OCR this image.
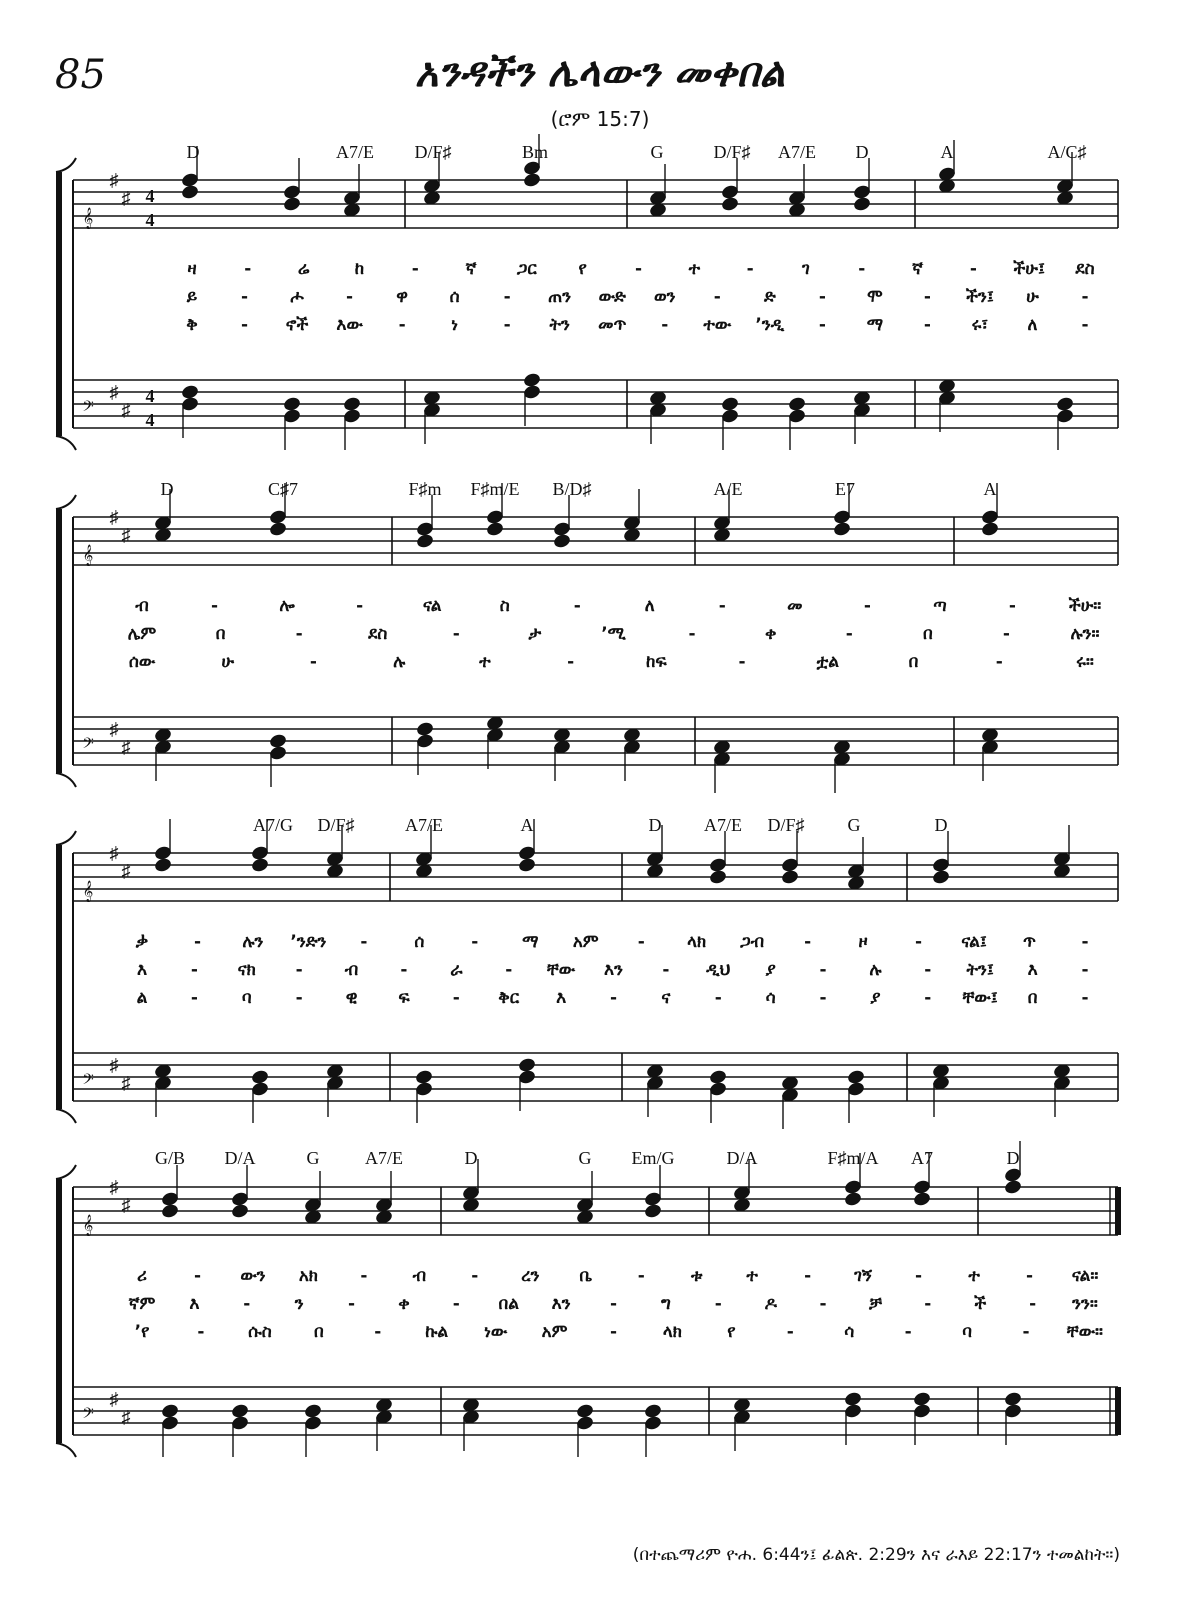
85	አንዳችን ሌላውን መቀበል
(ሮም 15:7)
𝄞
𝄢
♯
♯
♯
♯
4
4
4
4
D	A7/E D/F♯	Bm	G	D/F♯ A7/E D	A	A/C♯
ዛ	-	ሬ	ከ	-	ኛ ጋር የ	-	ተ	-	ገ	-	ኛ	- ችሁ፤ ደስ
ይ	- ሖ -	ዋ ሰ	- ጠን ውድ ወን -	ድ	- ሞ - ችን፤ ሁ	-
ቅ	- ኖች እው -	ነ	- ትን መጥ - ተው ’ንዲ - ማ - ሩ፣ ለ	-
𝄞
𝄢
♯
♯
♯
♯
D	C♯7	F♯m F♯m/E B/D♯	A/E	E7	A
ብ	-	ሎ	-	ናል	ስ	-	ለ	-	መ	-	ጣ	-	ችሁ።
ሌም	በ	-	ደስ	-	ታ	’ሚ	-	ቀ	-	በ	-	ሉን።
ሰው	ሁ	-	ሉ	ተ	-	ከፍ	-	ቷል	በ	-	ሩ።
𝄞
𝄢
♯
♯
♯
♯
A7/G D/F♯	A7/E	A	D A7/E D/F♯ G	D
ቃ	- ሉን ’ንድን -	ሰ	-	ማ አም - ላክ ጋብ -	ዞ	- ናል፤ ጥ	-
እ	- ናክ - ብ -	ራ	- ቸው እን - ዲህ ያ	-	ሉ	- ትን፤ እ	-
ል	-	ባ	-	ዊ ፍ	- ቅር እ	-	ና	-	ሳ	-	ያ	- ቸው፤ በ	-
𝄞
𝄢
♯
♯
♯
♯
G/B D/A	G	A7/E	D	G Em/G	D/A	F♯m/A A7	D
ሪ	- ውን አክ -	ብ	-	ረን ቤ	-	ቱ	ተ	-	ገኝ	-	ተ	- ናል።
ኛም እ	-	ን	-	ቀ	- በል እን -	ግ	-	ዶ	- ቻ -	ች	- ንን።
’የ	-	ሱስ በ	-	ኩል ነው አም -	ላክ	የ	-	ሳ	-	ባ	- ቸው።
(በተጨማሪም ዮሐ. 6:44ን፤ ፊልጵ. 2:29ን እና ራእይ 22:17ን ተመልከት።)
